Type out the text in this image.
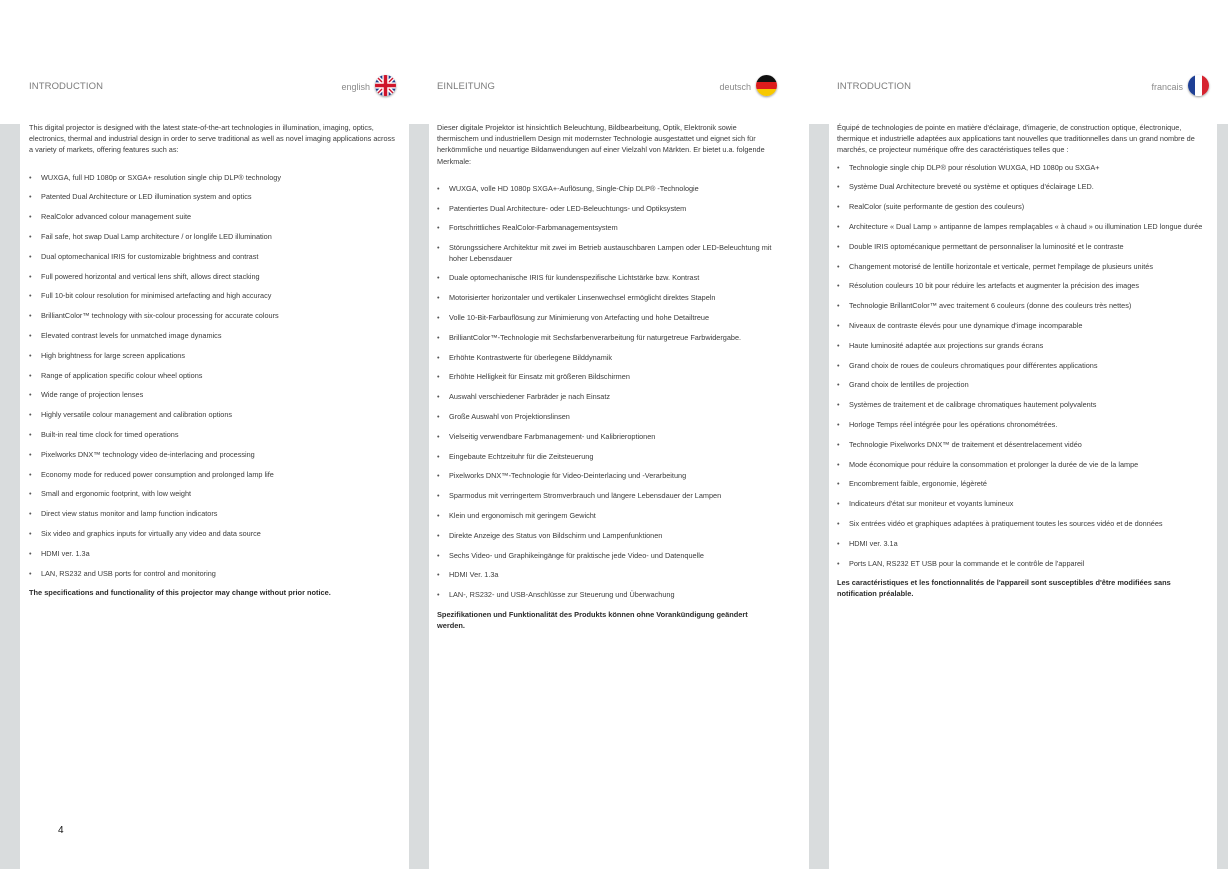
INTRODUCTION	english

This digital projector is designed with the latest state-of-the-art technologies in illumination, imaging, optics, electronics, thermal and industrial design in order to serve traditional as well as novel imaging applications across a variety of markets, offering features such as:

• WUXGA, full HD 1080p or SXGA+ resolution single chip DLP® technology
• Patented Dual Architecture or LED illumination system and optics
• RealColor advanced colour management suite
• Fail safe, hot swap Dual Lamp architecture / or longlife LED illumination
• Dual optomechanical IRIS for customizable brightness and contrast
• Full powered horizontal and vertical lens shift, allows direct stacking
• Full 10-bit colour resolution for minimised artefacting and high accuracy
• BrilliantColor™ technology with six-colour processing for accurate colours
• Elevated contrast levels for unmatched image dynamics
• High brightness for large screen applications
• Range of application specific colour wheel options
• Wide range of projection lenses
• Highly versatile colour management and calibration options
• Built-in real time clock for timed operations
• Pixelworks DNX™ technology video de-interlacing and processing
• Economy mode for reduced power consumption and prolonged lamp life
• Small and ergonomic footprint, with low weight
• Direct view status monitor and lamp function indicators
• Six video and graphics inputs for virtually any video and data source
• HDMI ver. 1.3a
• LAN, RS232 and USB ports for control and monitoring

The specifications and functionality of this projector may change without prior notice.

EINLEITUNG	deutsch

Dieser digitale Projektor ist hinsichtlich Beleuchtung, Bildbearbeitung, Optik, Elektronik sowie thermischem und industriellem Design mit modernster Technologie ausgestattet und eignet sich für herkömmliche und neuartige Bildanwendungen auf einer Vielzahl von Märkten. Er bietet u.a. folgende Merkmale:

• WUXGA, volle HD 1080p SXGA+-Auflösung, Single-Chip DLP® -Technologie
• Patentiertes Dual Architecture- oder LED-Beleuchtungs- und Optiksystem
• Fortschrittliches RealColor-Farbmanagementsystem
• Störungssichere Architektur mit zwei im Betrieb austauschbaren Lampen oder LED-Beleuchtung mit hoher Lebensdauer
• Duale optomechanische IRIS für kundenspezifische Lichtstärke bzw. Kontrast
• Motorisierter horizontaler und vertikaler Linsenwechsel ermöglicht direktes Stapeln
• Volle 10-Bit-Farbauflösung zur Minimierung von Artefacting und hohe Detailtreue
• BrilliantColor™-Technologie mit Sechsfarbenverarbeitung für naturgetreue Farbwidergabe.
• Erhöhte Kontrastwerte für überlegene Bilddynamik
• Erhöhte Helligkeit für Einsatz mit größeren Bildschirmen
• Auswahl verschiedener Farbräder je nach Einsatz
• Große Auswahl von Projektionslinsen
• Vielseitig verwendbare Farbmanagement- und Kalibrieroptionen
• Eingebaute Echtzeituhr für die Zeitsteuerung
• Pixelworks DNX™-Technologie für Video-Deinterlacing und -Verarbeitung
• Sparmodus mit verringertem Stromverbrauch und längere Lebensdauer der Lampen
• Klein und ergonomisch mit geringem Gewicht
• Direkte Anzeige des Status von Bildschirm und Lampenfunktionen
• Sechs Video- und Graphikeingänge für praktische jede Video- und Datenquelle
• HDMI Ver. 1.3a
• LAN-, RS232- und USB-Anschlüsse zur Steuerung und Überwachung

Spezifikationen und Funktionalität des Produkts können ohne Vorankündigung geändert werden.

INTRODUCTION	francais

Équipé de technologies de pointe en matière d'éclairage, d'imagerie, de construction optique, électronique, thermique et industrielle adaptées aux applications tant nouvelles que traditionnelles dans un grand nombre de marchés, ce projecteur numérique offre des caractéristiques telles que :

• Technologie single chip DLP® pour résolution WUXGA, HD 1080p ou SXGA+
• Système Dual Architecture breveté ou système et optiques d'éclairage LED.
• RealColor (suite performante de gestion des couleurs)
• Architecture « Dual Lamp » antipanne de lampes remplaçables « à chaud » ou illumination LED longue durée
• Double IRIS optomécanique permettant de personnaliser la luminosité et le contraste
• Changement motorisé de lentille horizontale et verticale, permet l'empilage de plusieurs unités
• Résolution couleurs 10 bit pour réduire les artefacts et augmenter la précision des images
• Technologie BrillantColor™ avec traitement 6 couleurs (donne des couleurs très nettes)
• Niveaux de contraste élevés pour une dynamique d'image incomparable
• Haute luminosité adaptée aux projections sur grands écrans
• Grand choix de roues de couleurs chromatiques pour différentes applications
• Grand choix de lentilles de projection
• Systèmes de traitement et de calibrage chromatiques hautement polyvalents
• Horloge Temps réel intégrée pour les opérations chronométrées.
• Technologie Pixelworks DNX™ de traitement et désentrelacement vidéo
• Mode économique pour réduire la consommation et prolonger la durée de vie de la lampe
• Encombrement faible, ergonomie, légèreté
• Indicateurs d'état sur moniteur et voyants lumineux
• Six entrées vidéo et graphiques adaptées à pratiquement toutes les sources vidéo et de données
• HDMI ver. 3.1a
• Ports LAN, RS232 ET USB pour la commande et le contrôle de l'appareil

Les caractéristiques et les fonctionnalités de l'appareil sont susceptibles d'être modifiées sans notification préalable.

4
